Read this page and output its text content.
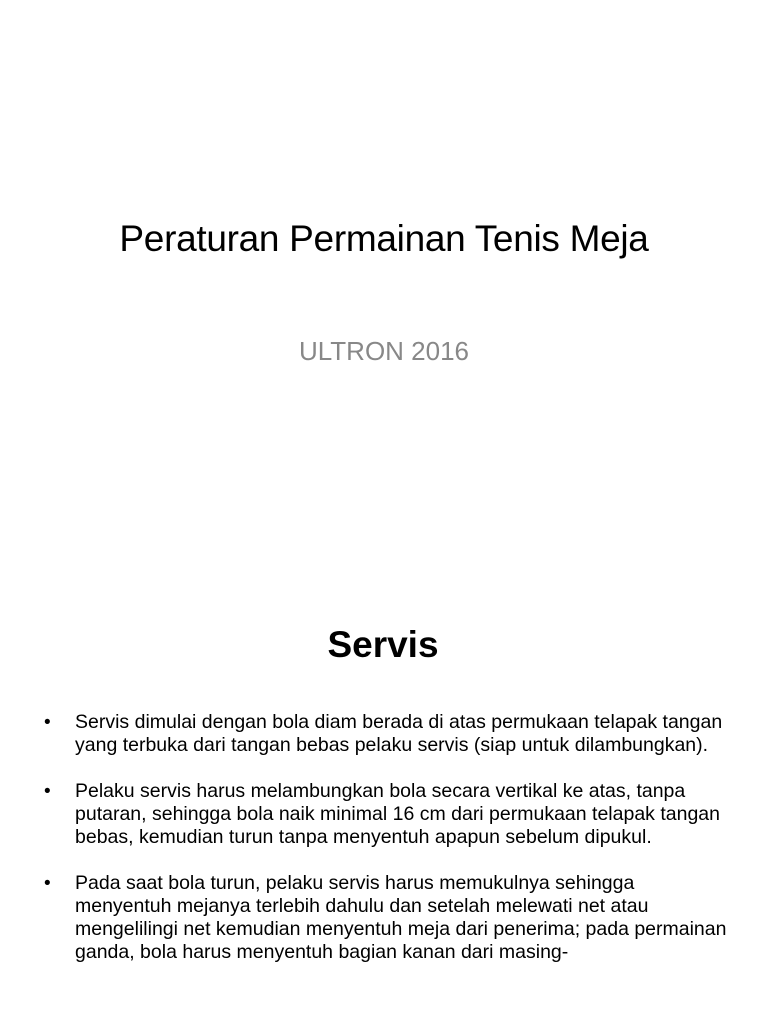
Peraturan Permainan Tenis Meja

ULTRON 2016

Servis
• Servis dimulai dengan bola diam berada di atas permukaan telapak tangan yang terbuka dari tangan bebas pelaku servis (siap untuk dilambungkan).
• Pelaku servis harus melambungkan bola secara vertikal ke atas, tanpa putaran, sehingga bola naik minimal 16 cm dari permukaan telapak tangan bebas, kemudian turun tanpa menyentuh apapun sebelum dipukul.
• Pada saat bola turun, pelaku servis harus memukulnya sehingga menyentuh mejanya terlebih dahulu dan setelah melewati net atau mengelilingi net kemudian menyentuh meja dari penerima; pada permainan ganda, bola harus menyentuh bagian kanan dari masing-
